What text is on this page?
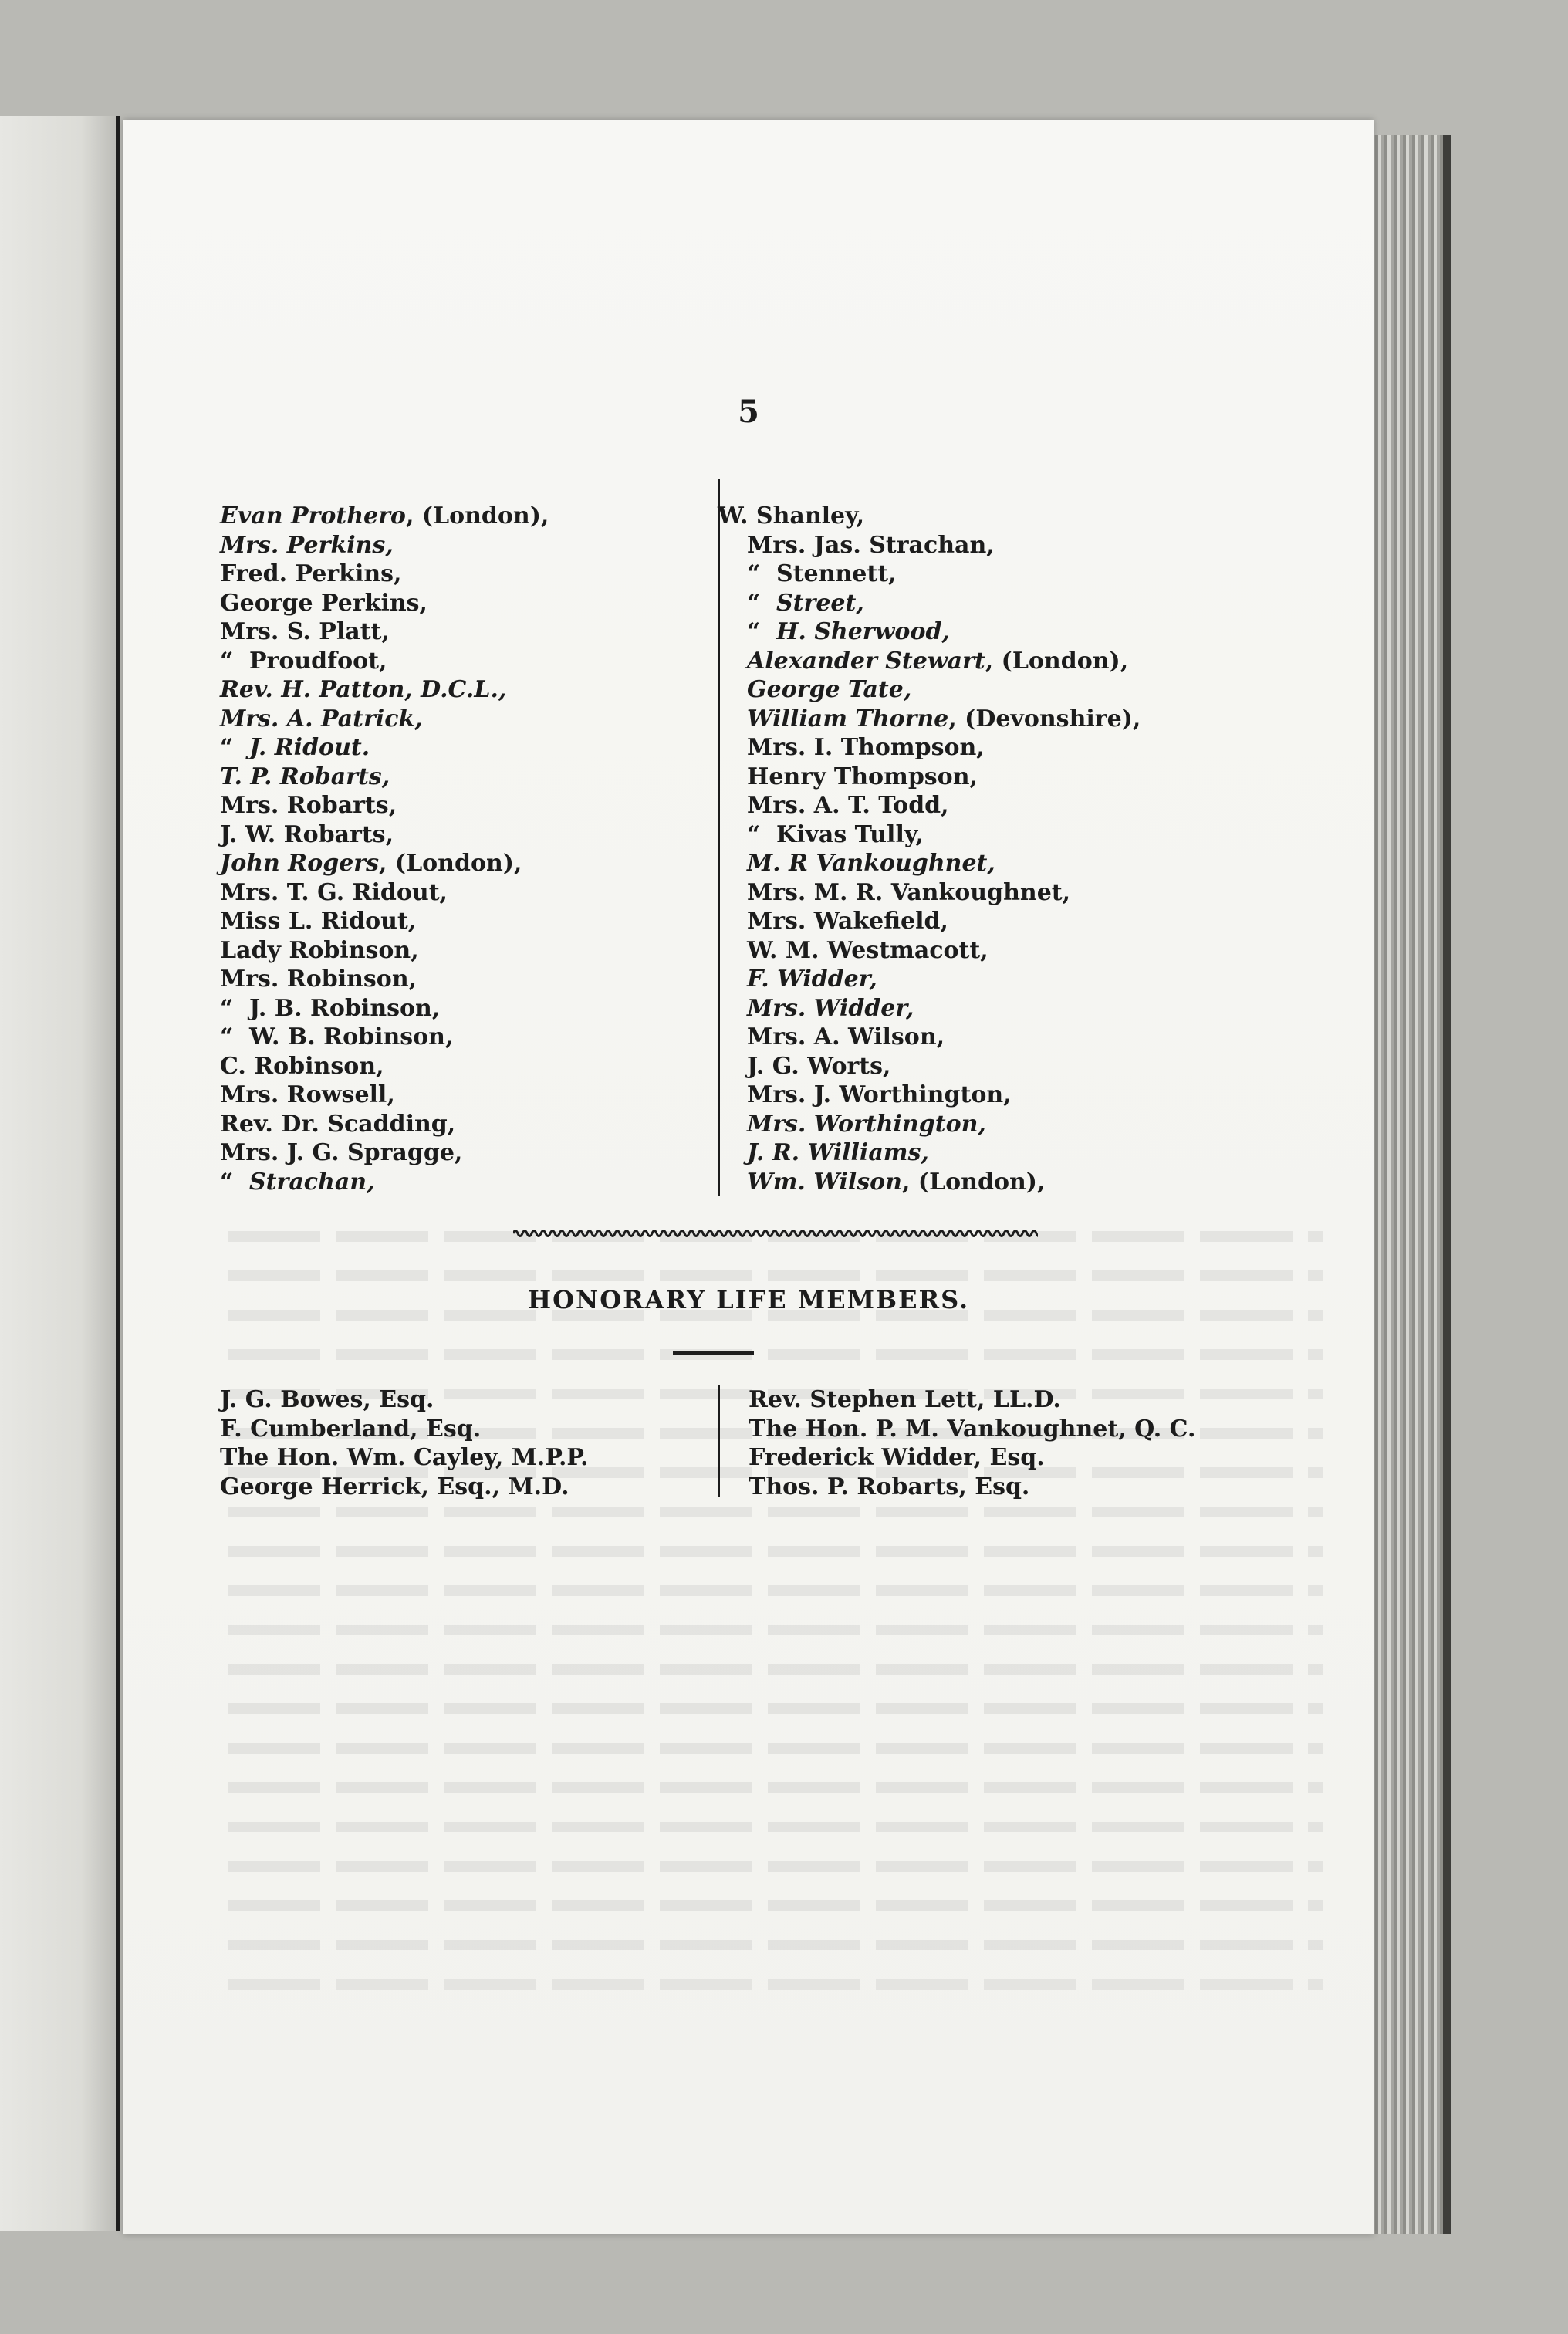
5
Evan Prothero, (London),
Mrs. Perkins,
Fred. Perkins,
George Perkins,
Mrs. S. Platt,
“ Proudfoot,
Rev. H. Patton, D.C.L.,
Mrs. A. Patrick,
“ J. Ridout.
T. P. Robarts,
Mrs. Robarts,
J. W. Robarts,
John Rogers, (London),
Mrs. T. G. Ridout,
Miss L. Ridout,
Lady Robinson,
Mrs. Robinson,
“ J. B. Robinson,
“ W. B. Robinson,
C. Robinson,
Mrs. Rowsell,
Rev. Dr. Scadding,
Mrs. J. G. Spragge,
“ Strachan,
W. Shanley,
Mrs. Jas. Strachan,
“ Stennett,
“ Street,
“ H. Sherwood,
Alexander Stewart, (London),
George Tate,
William Thorne, (Devonshire),
Mrs. I. Thompson,
Henry Thompson,
Mrs. A. T. Todd,
“ Kivas Tully,
M. R Vankoughnet,
Mrs. M. R. Vankoughnet,
Mrs. Wakefield,
W. M. Westmacott,
F. Widder,
Mrs. Widder,
Mrs. A. Wilson,
J. G. Worts,
Mrs. J. Worthington,
Mrs. Worthington,
J. R. Williams,
Wm. Wilson, (London),
HONORARY LIFE MEMBERS.
J. G. Bowes, Esq.
F. Cumberland, Esq.
The Hon. Wm. Cayley, M.P.P.
George Herrick, Esq., M.D.
Rev. Stephen Lett, LL.D.
The Hon. P. M. Vankoughnet, Q. C.
Frederick Widder, Esq.
Thos. P. Robarts, Esq.
